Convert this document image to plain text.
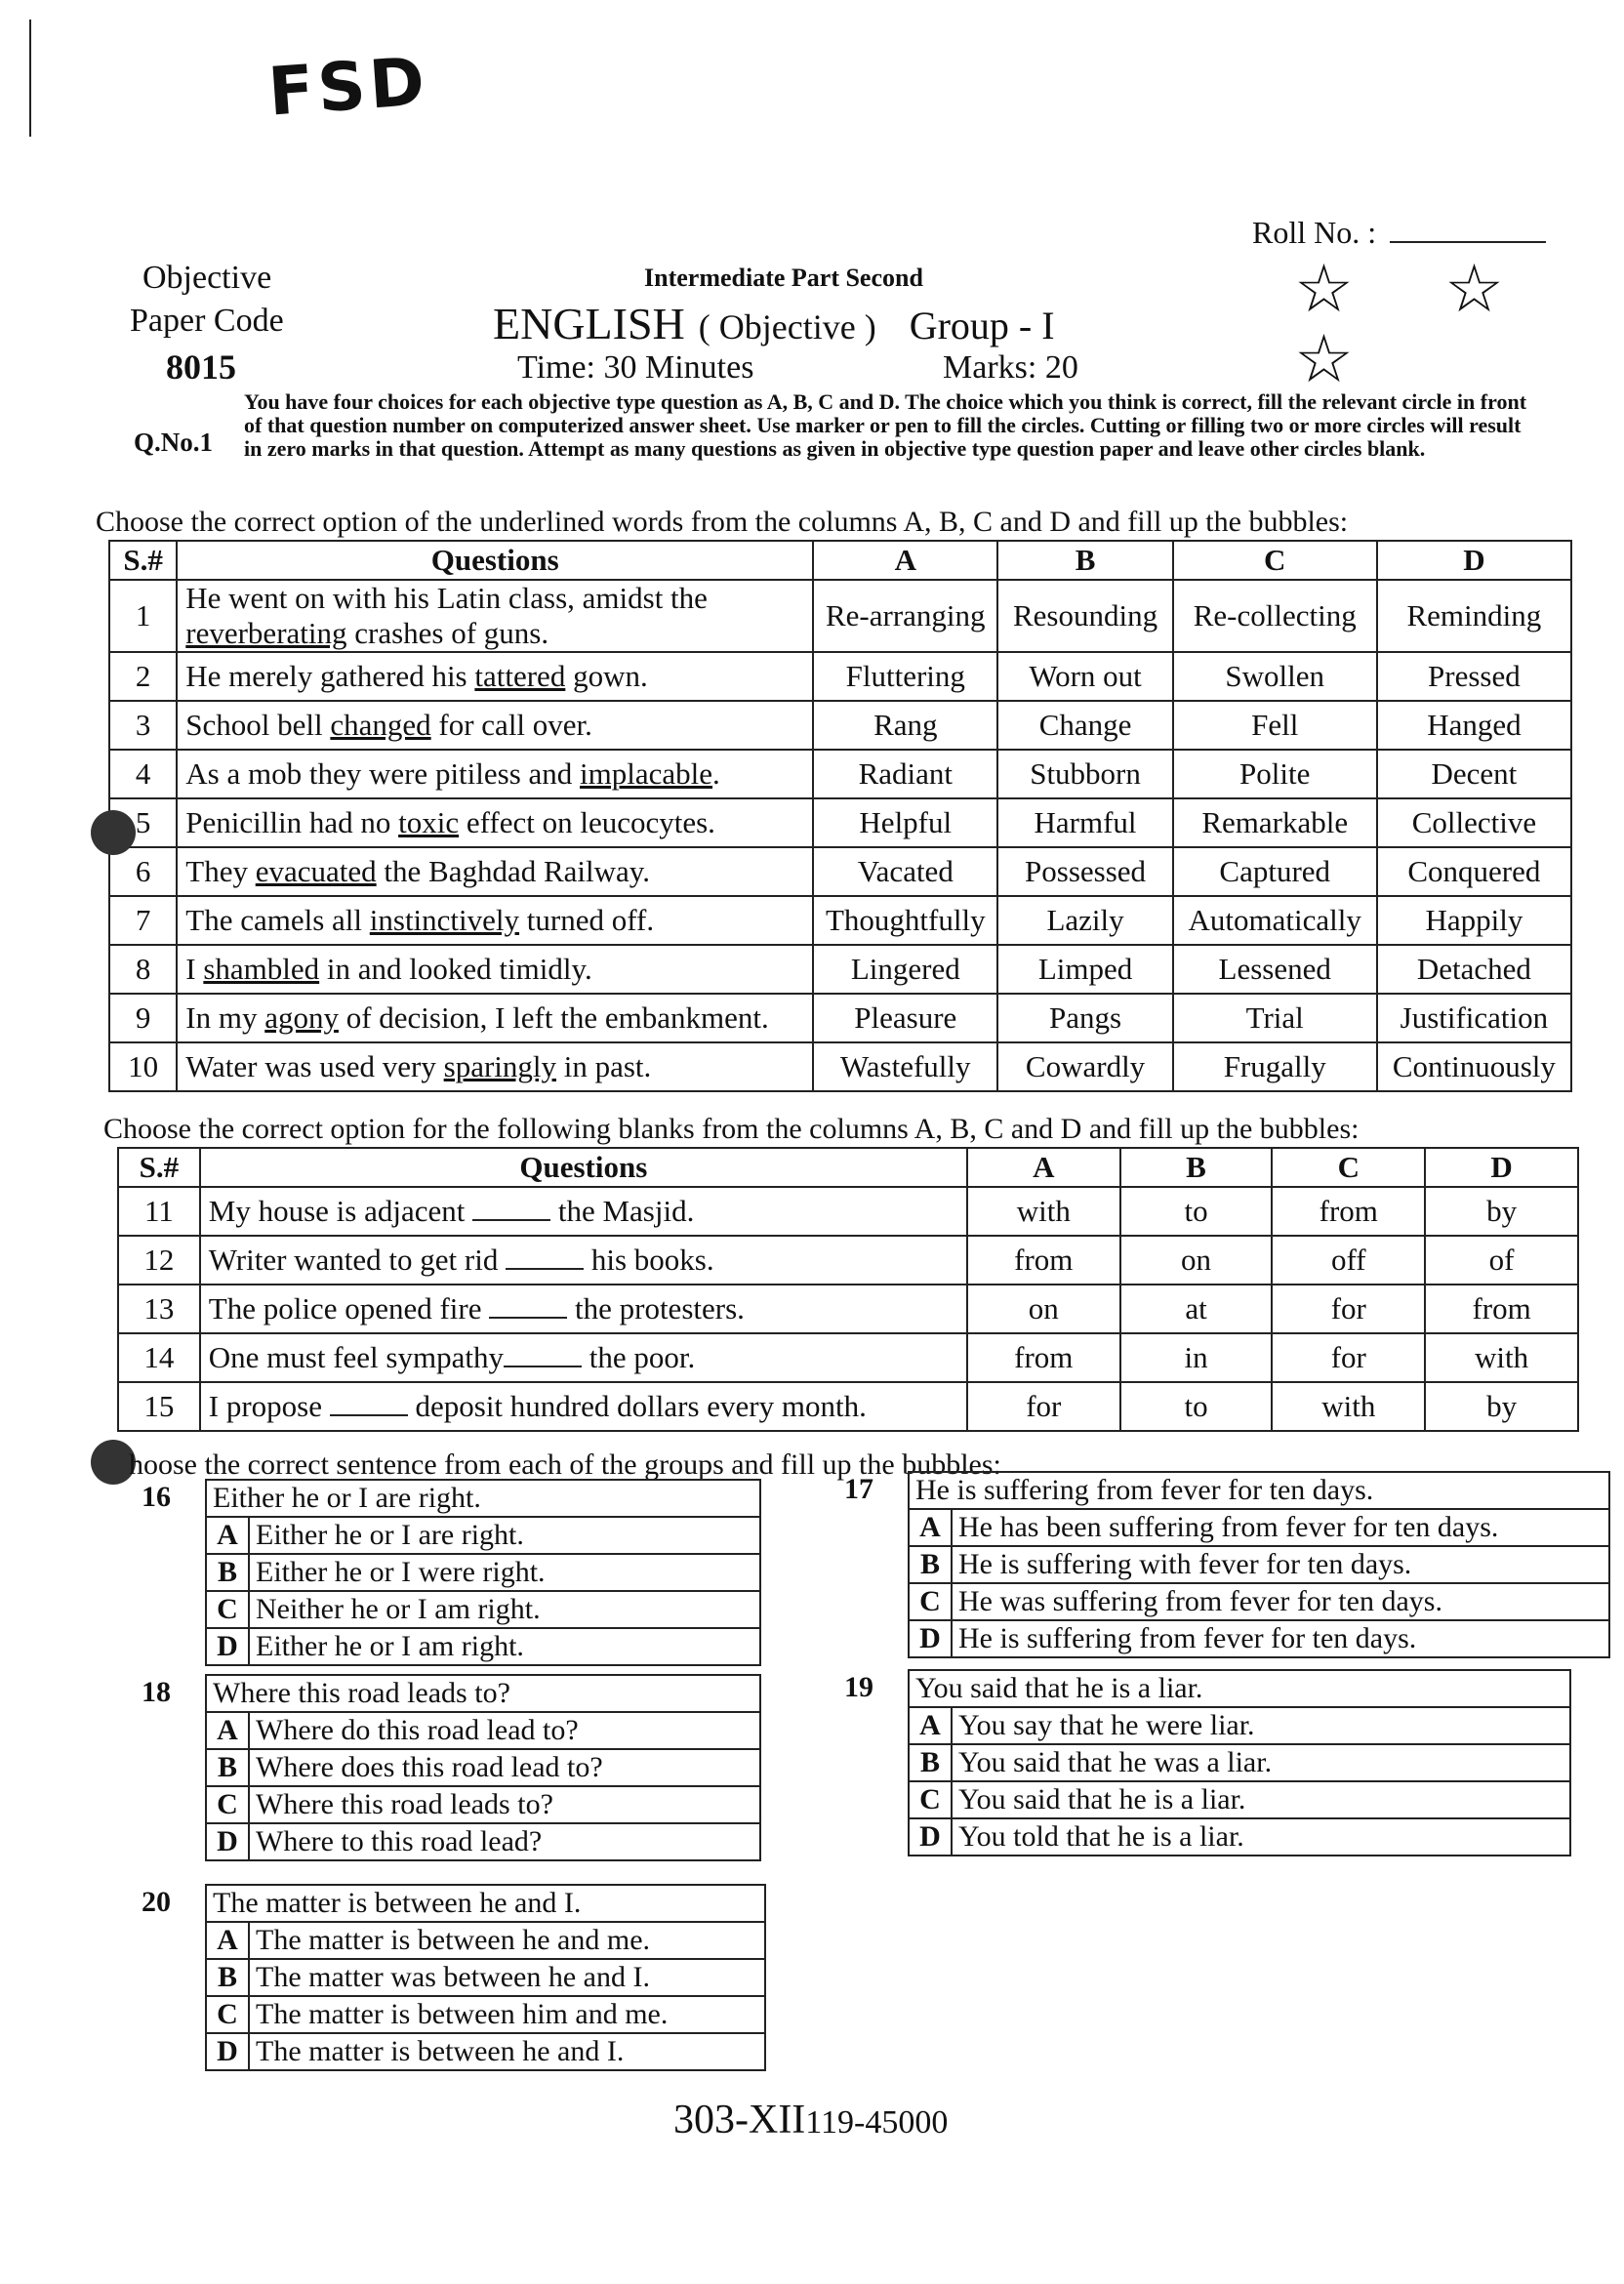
FSD
Roll No. :
Objective
Paper Code
8015
Intermediate Part Second
ENGLISH ( Objective ) Group - I
Time: 30 Minutes	Marks: 20
☆ ☆
☆
Q.No.1
You have four choices for each objective type question as A, B, C and D. The choice which you think is correct, fill the relevant circle in front of that question number on computerized answer sheet. Use marker or pen to fill the circles. Cutting or filling two or more circles will result in zero marks in that question. Attempt as many questions as given in objective type question paper and leave other circles blank.
Choose the correct option of the underlined words from the columns A, B, C and D and fill up the bubbles:
S.#	Questions	A	B	C	D
1	He went on with his Latin class, amidst the reverberating crashes of guns.	Re-arranging	Resounding	Re-collecting	Reminding
2	He merely gathered his tattered gown.	Fluttering	Worn out	Swollen	Pressed
3	School bell changed for call over.	Rang	Change	Fell	Hanged
4	As a mob they were pitiless and implacable.	Radiant	Stubborn	Polite	Decent
5	Penicillin had no toxic effect on leucocytes.	Helpful	Harmful	Remarkable	Collective
6	They evacuated the Baghdad Railway.	Vacated	Possessed	Captured	Conquered
7	The camels all instinctively turned off.	Thoughtfully	Lazily	Automatically	Happily
8	I shambled in and looked timidly.	Lingered	Limped	Lessened	Detached
9	In my agony of decision, I left the embankment.	Pleasure	Pangs	Trial	Justification
10	Water was used very sparingly in past.	Wastefully	Cowardly	Frugally	Continuously
Choose the correct option for the following blanks from the columns A, B, C and D and fill up the bubbles:
S.#	Questions	A	B	C	D
11	My house is adjacent the Masjid.	with	to	from	by
12	Writer wanted to get rid his books.	from	on	off	of
13	The police opened fire the protesters.	on	at	for	from
14	One must feel sympathy the poor.	from	in	for	with
15	I propose deposit hundred dollars every month.	for	to	with	by
hoose the correct sentence from each of the groups and fill up the bubbles:
16 Either he or I are right.	
A	Either he or I are right.
B	Either he or I were right.
C	Neither he or I am right.
D	Either he or I am right.
17 He is suffering from fever for ten days.	
A	He has been suffering from fever for ten days.
B	He is suffering with fever for ten days.
C	He was suffering from fever for ten days.
D	He is suffering from fever for ten days.
18 Where this road leads to?	
A	Where do this road lead to?
B	Where does this road lead to?
C	Where this road leads to?
D	Where to this road lead?
19 You said that he is a liar.	
A	You say that he were liar.
B	You said that he was a liar.
C	You said that he is a liar.
D	You told that he is a liar.
20 The matter is between he and I.	
A	The matter is between he and me.
B	The matter was between he and I.
C	The matter is between him and me.
D	The matter is between he and I.
303-XII119-45000
